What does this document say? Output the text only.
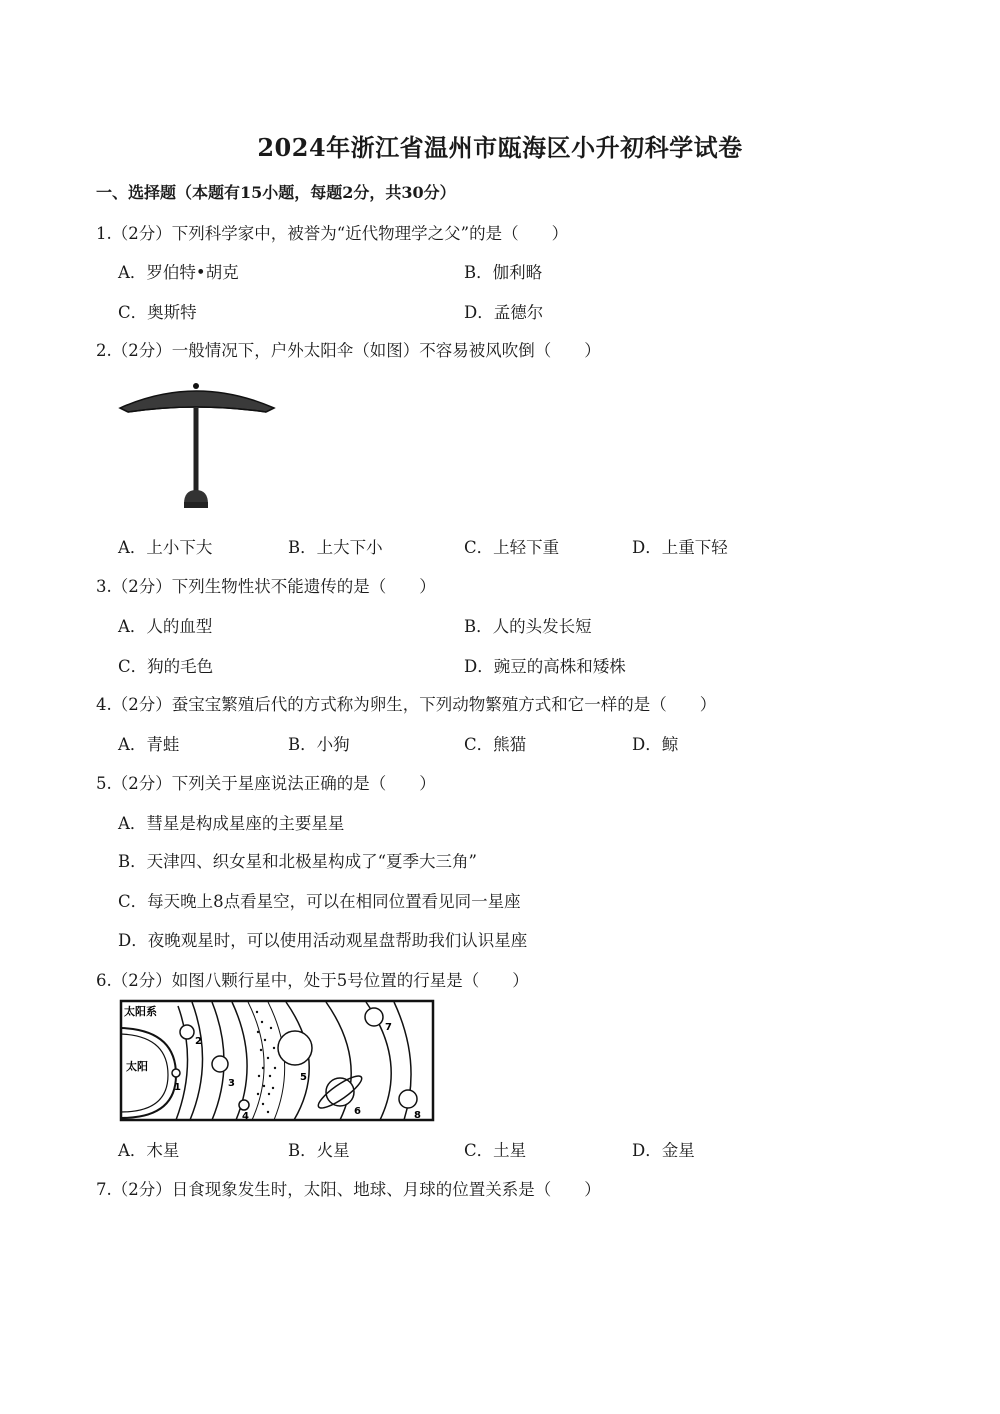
2024年浙江省温州市瓯海区小升初科学试卷
一、选择题（本题有15小题，每题2分，共30分）
1.（2分）下列科学家中，被誉为“近代物理学之父”的是（　　）
A．罗伯特•胡克	B．伽利略
C．奥斯特	D．孟德尔
2.（2分）一般情况下，户外太阳伞（如图）不容易被风吹倒（　　）
A．上小下大	B．上大下小	C．上轻下重	D．上重下轻
3.（2分）下列生物性状不能遗传的是（　　）
A．人的血型	B．人的头发长短
C．狗的毛色	D．豌豆的高株和矮株
4.（2分）蚕宝宝繁殖后代的方式称为卵生，下列动物繁殖方式和它一样的是（　　）
A．青蛙	B．小狗	C．熊猫	D．鲸
5.（2分）下列关于星座说法正确的是（　　）
A．彗星是构成星座的主要星星
B．天津四、织女星和北极星构成了“夏季大三角”
C．每天晚上8点看星空，可以在相同位置看见同一星座
D．夜晚观星时，可以使用活动观星盘帮助我们认识星座
6.（2分）如图八颗行星中，处于5号位置的行星是（　　）
太阳系
太阳
1
2
3
4
5
6
7
8
A．木星	B．火星	C．土星	D．金星
7.（2分）日食现象发生时，太阳、地球、月球的位置关系是（　　）
